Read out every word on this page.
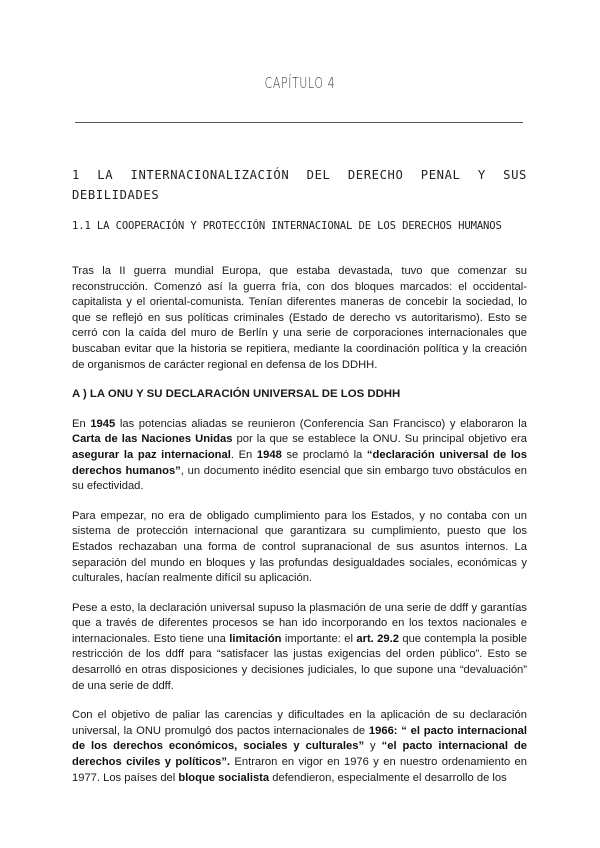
CAPÍTULO 4
1 LA INTERNACIONALIZACIÓN DEL DERECHO PENAL Y SUS DEBILIDADES
1.1 LA COOPERACIÓN Y PROTECCIÓN INTERNACIONAL DE LOS DERECHOS HUMANOS

Tras la II guerra mundial Europa, que estaba devastada, tuvo que comenzar su reconstrucción. Comenzó así la guerra fría, con dos bloques marcados: el occidental-capitalista y el oriental-comunista. Tenían diferentes maneras de concebir la sociedad, lo que se reflejó en sus políticas criminales (Estado de derecho vs autoritarismo). Esto se cerró con la caída del muro de Berlín y una serie de corporaciones internacionales que buscaban evitar que la historia se repitiera, mediante la coordinación política y la creación de organismos de carácter regional en defensa de los DDHH.

A ) LA ONU Y SU DECLARACIÓN UNIVERSAL DE LOS DDHH

En 1945 las potencias aliadas se reunieron (Conferencia San Francisco) y elaboraron la Carta de las Naciones Unidas por la que se establece la ONU. Su principal objetivo era asegurar la paz internacional. En 1948 se proclamó la “declaración universal de los derechos humanos”, un documento inédito esencial que sin embargo tuvo obstáculos en su efectividad.

Para empezar, no era de obligado cumplimiento para los Estados, y no contaba con un sistema de protección internacional que garantizara su cumplimiento, puesto que los Estados rechazaban una forma de control supranacional de sus asuntos internos. La separación del mundo en bloques y las profundas desigualdades sociales, económicas y culturales, hacían realmente difícil su aplicación.

Pese a esto, la declaración universal supuso la plasmación de una serie de ddff y garantías que a través de diferentes procesos se han ido incorporando en los textos nacionales e internacionales. Esto tiene una limitación importante: el art. 29.2 que contempla la posible restricción de los ddff para “satisfacer las justas exigencias del orden público”. Esto se desarrolló en otras disposiciones y decisiones judiciales, lo que supone una “devaluación” de una serie de ddff.

Con el objetivo de paliar las carencias y dificultades en la aplicación de su declaración universal, la ONU promulgó dos pactos internacionales de 1966: “ el pacto internacional de los derechos económicos, sociales y culturales” y “el pacto internacional de derechos civiles y políticos”. Entraron en vigor en 1976 y en nuestro ordenamiento en 1977. Los países del bloque socialista defendieron, especialmente el desarrollo de los
